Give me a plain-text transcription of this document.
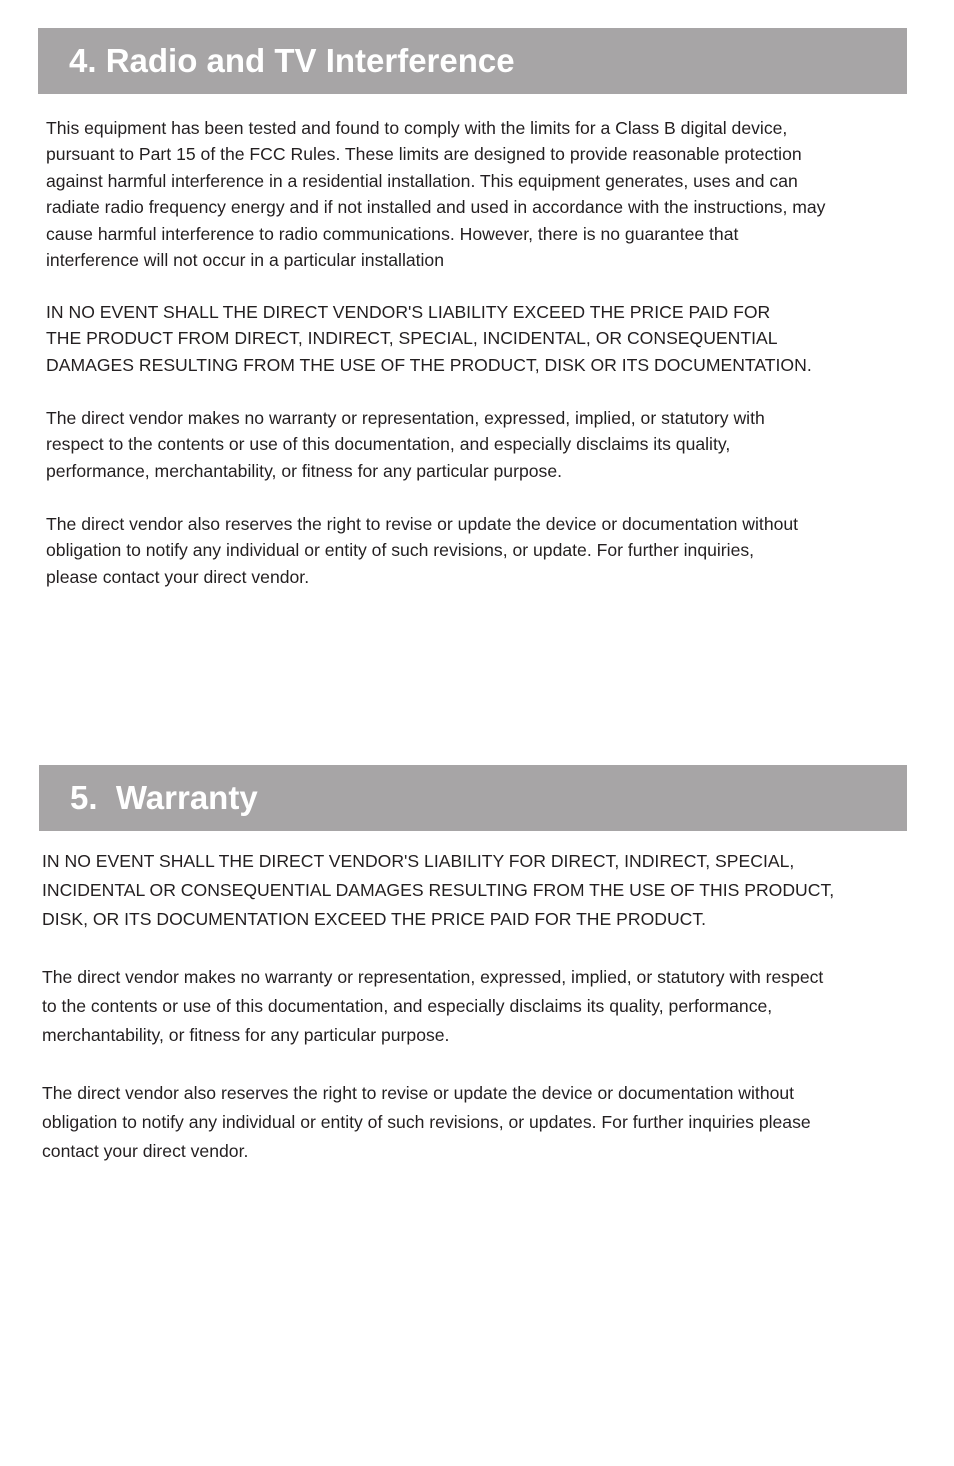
4. Radio and TV Interference

This equipment has been tested and found to comply with the limits for a Class B digital device,
pursuant to Part 15 of the FCC Rules. These limits are designed to provide reasonable protection
against harmful interference in a residential installation. This equipment generates, uses and can
radiate radio frequency energy and if not installed and used in accordance with the instructions, may
cause harmful interference to radio communications. However, there is no guarantee that
interference will not occur in a particular installation

IN NO EVENT SHALL THE DIRECT VENDOR'S LIABILITY EXCEED THE PRICE PAID FOR
THE PRODUCT FROM DIRECT, INDIRECT, SPECIAL, INCIDENTAL, OR CONSEQUENTIAL
DAMAGES RESULTING FROM THE USE OF THE PRODUCT, DISK OR ITS DOCUMENTATION.

The direct vendor makes no warranty or representation, expressed, implied, or statutory with
respect to the contents or use of this documentation, and especially disclaims its quality,
performance, merchantability, or fitness for any particular purpose.

The direct vendor also reserves the right to revise or update the device or documentation without
obligation to notify any individual or entity of such revisions, or update. For further inquiries,
please contact your direct vendor.

5.  Warranty

IN NO EVENT SHALL THE DIRECT VENDOR'S LIABILITY FOR DIRECT, INDIRECT, SPECIAL,
INCIDENTAL OR CONSEQUENTIAL DAMAGES RESULTING FROM THE USE OF THIS PRODUCT,
DISK, OR ITS DOCUMENTATION EXCEED THE PRICE PAID FOR THE PRODUCT.

The direct vendor makes no warranty or representation, expressed, implied, or statutory with respect
to the contents or use of this documentation, and especially disclaims its quality, performance,
merchantability, or fitness for any particular purpose.

The direct vendor also reserves the right to revise or update the device or documentation without
obligation to notify any individual or entity of such revisions, or updates. For further inquiries please
contact your direct vendor.
